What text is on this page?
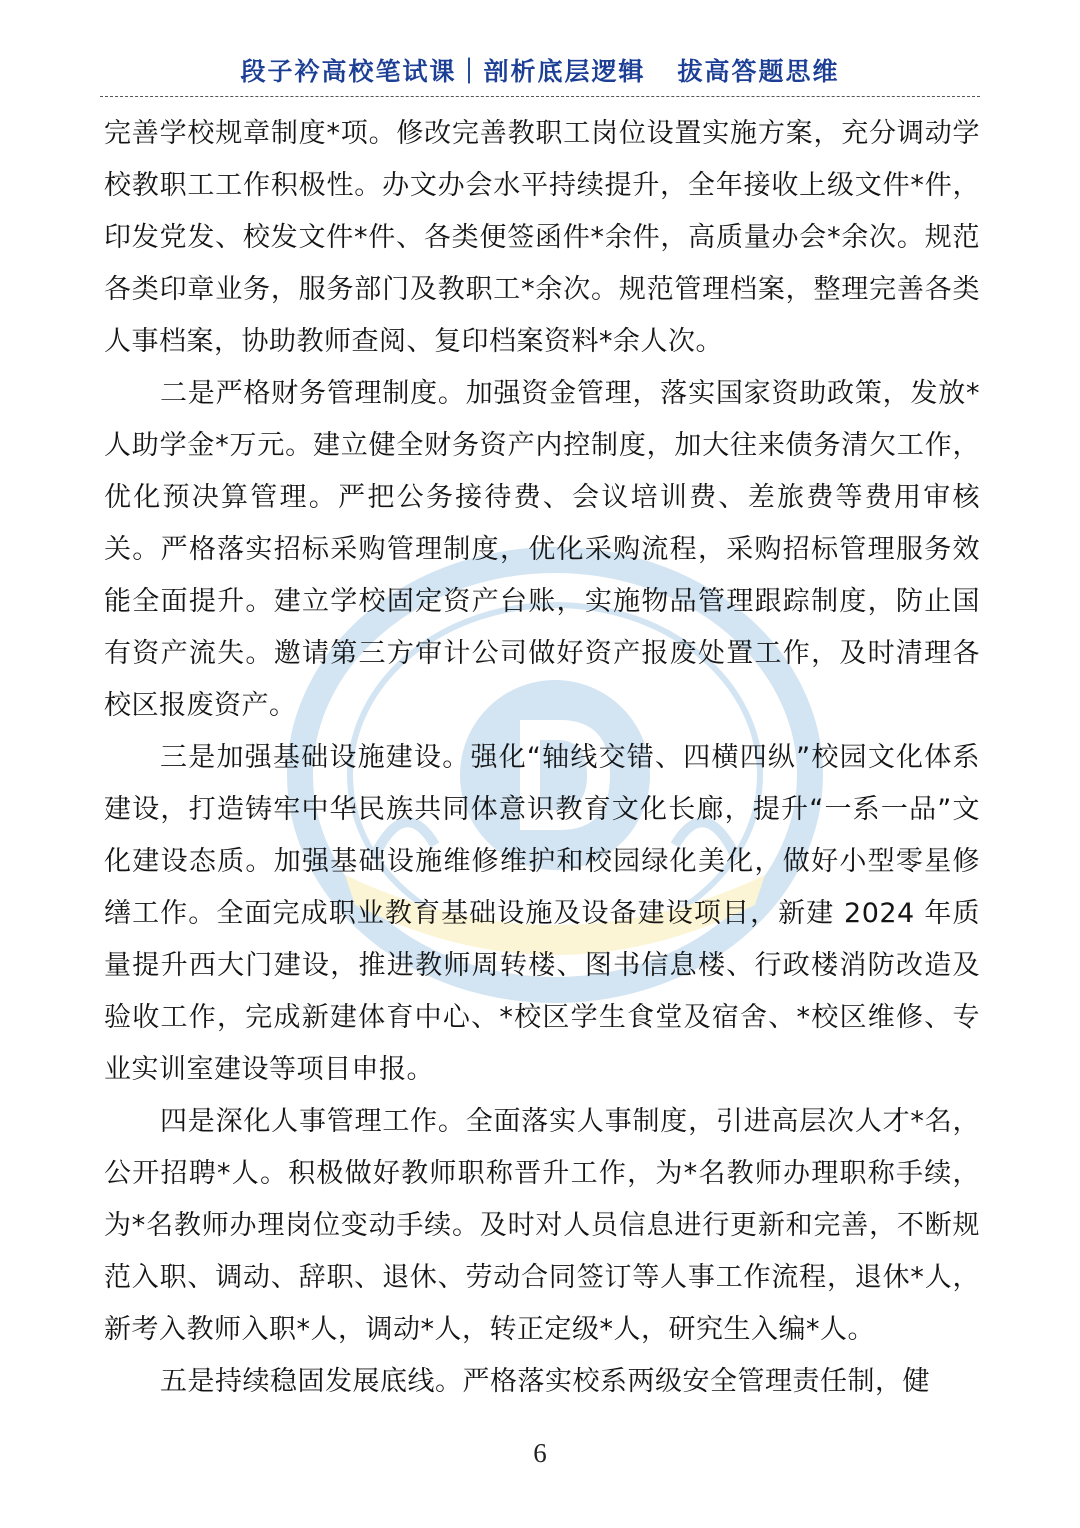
段子衿高校笔试课｜剖析底层逻辑   拔高答题思维

完善学校规章制度*项。修改完善教职工岗位设置实施方案，充分调动学校教职工工作积极性。办文办会水平持续提升，全年接收上级文件*件，印发党发、校发文件*件、各类便签函件*余件，高质量办会*余次。规范各类印章业务，服务部门及教职工*余次。规范管理档案，整理完善各类人事档案，协助教师查阅、复印档案资料*余人次。

二是严格财务管理制度。加强资金管理，落实国家资助政策，发放*人助学金*万元。建立健全财务资产内控制度，加大往来债务清欠工作，优化预决算管理。严把公务接待费、会议培训费、差旅费等费用审核关。严格落实招标采购管理制度，优化采购流程，采购招标管理服务效能全面提升。建立学校固定资产台账，实施物品管理跟踪制度，防止国有资产流失。邀请第三方审计公司做好资产报废处置工作，及时清理各校区报废资产。

三是加强基础设施建设。强化“轴线交错、四横四纵”校园文化体系建设，打造铸牢中华民族共同体意识教育文化长廊，提升“一系一品”文化建设态质。加强基础设施维修维护和校园绿化美化，做好小型零星修缮工作。全面完成职业教育基础设施及设备建设项目，新建 2024 年质量提升西大门建设，推进教师周转楼、图书信息楼、行政楼消防改造及验收工作，完成新建体育中心、*校区学生食堂及宿舍、*校区维修、专业实训室建设等项目申报。

四是深化人事管理工作。全面落实人事制度，引进高层次人才*名，公开招聘*人。积极做好教师职称晋升工作，为*名教师办理职称手续，为*名教师办理岗位变动手续。及时对人员信息进行更新和完善，不断规范入职、调动、辞职、退休、劳动合同签订等人事工作流程，退休*人，新考入教师入职*人，调动*人，转正定级*人，研究生入编*人。

五是持续稳固发展底线。严格落实校系两级安全管理责任制，健

6
